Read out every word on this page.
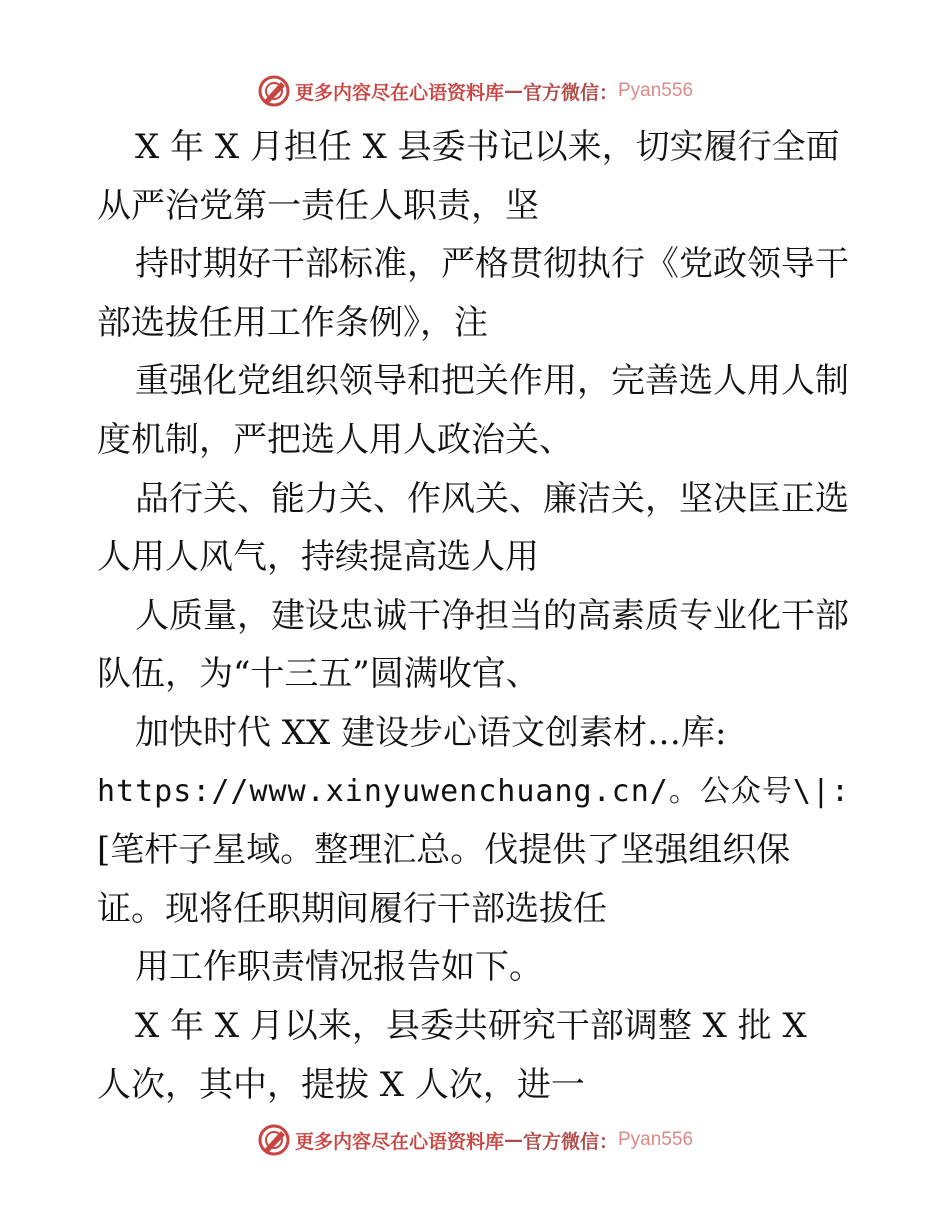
更多内容尽在心语资料库 — 官方微信： Pyan556

X 年 X 月担任 X 县委书记以来，切实履行全面

从严治党第一责任人职责，坚

持时期好干部标准，严格贯彻执行《党政领导干

部选拔任用工作条例》，注

重强化党组织领导和把关作用，完善选人用人制

度机制，严把选人用人政治关、

品行关、能力关、作风关、廉洁关，坚决匡正选

人用人风气，持续提高选人用

人质量，建设忠诚干净担当的高素质专业化干部

队伍，为“十三五”圆满收官、

加快时代 XX 建设步心语文创素材…库:

https://www.xinyuwenchuang.cn/。公众号\|:

[笔杆子星域。整理汇总。伐提供了坚强组织保

证。现将任职期间履行干部选拔任

用工作职责情况报告如下。

X 年 X 月以来，县委共研究干部调整 X 批 X

人次，其中，提拔 X 人次，进一

更多内容尽在心语资料库 — 官方微信： Pyan556
